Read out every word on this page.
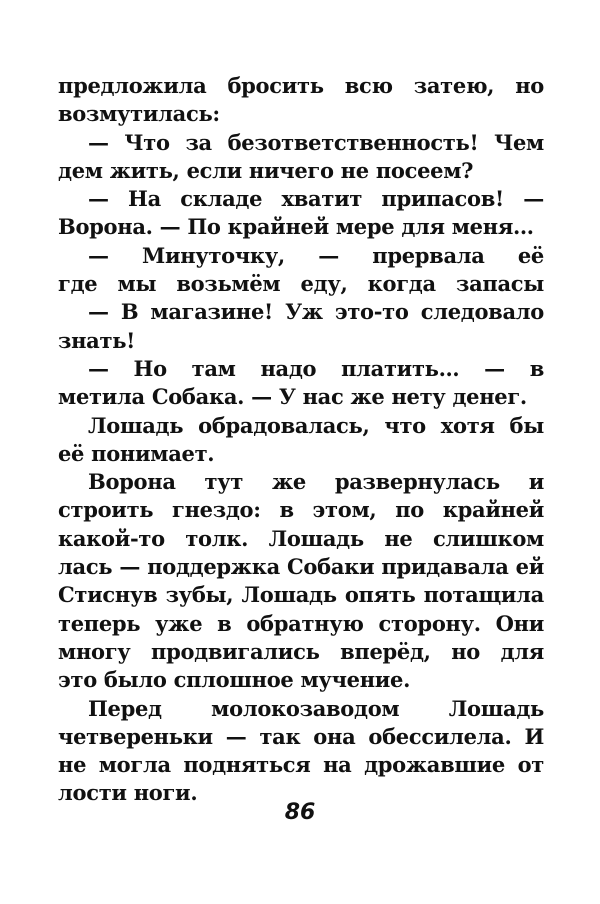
предложила бросить всю затею, но
возмутилась:
— Что за безответственность! Чем
дем жить, если ничего не посеем?
— На складе хватит припасов! —
Ворона. — По крайней мере для меня…
— Минуточку, — прервала её
где мы возьмём еду, когда запасы
— В магазине! Уж это-то следовало
знать!
— Но там надо платить… — в
метила Собака. — У нас же нету денег.
Лошадь обрадовалась, что хотя бы
её понимает.
Ворона тут же развернулась и
строить гнездо: в этом, по крайней
какой-то толк. Лошадь не слишком
лась — поддержка Собаки придавала ей
Стиснув зубы, Лошадь опять потащила
теперь уже в обратную сторону. Они
многу продвигались вперёд, но для
это было сплошное мучение.
Перед молокозаводом Лошадь
четвереньки — так она обессилела. И
не могла подняться на дрожавшие от
лости ноги.
86
